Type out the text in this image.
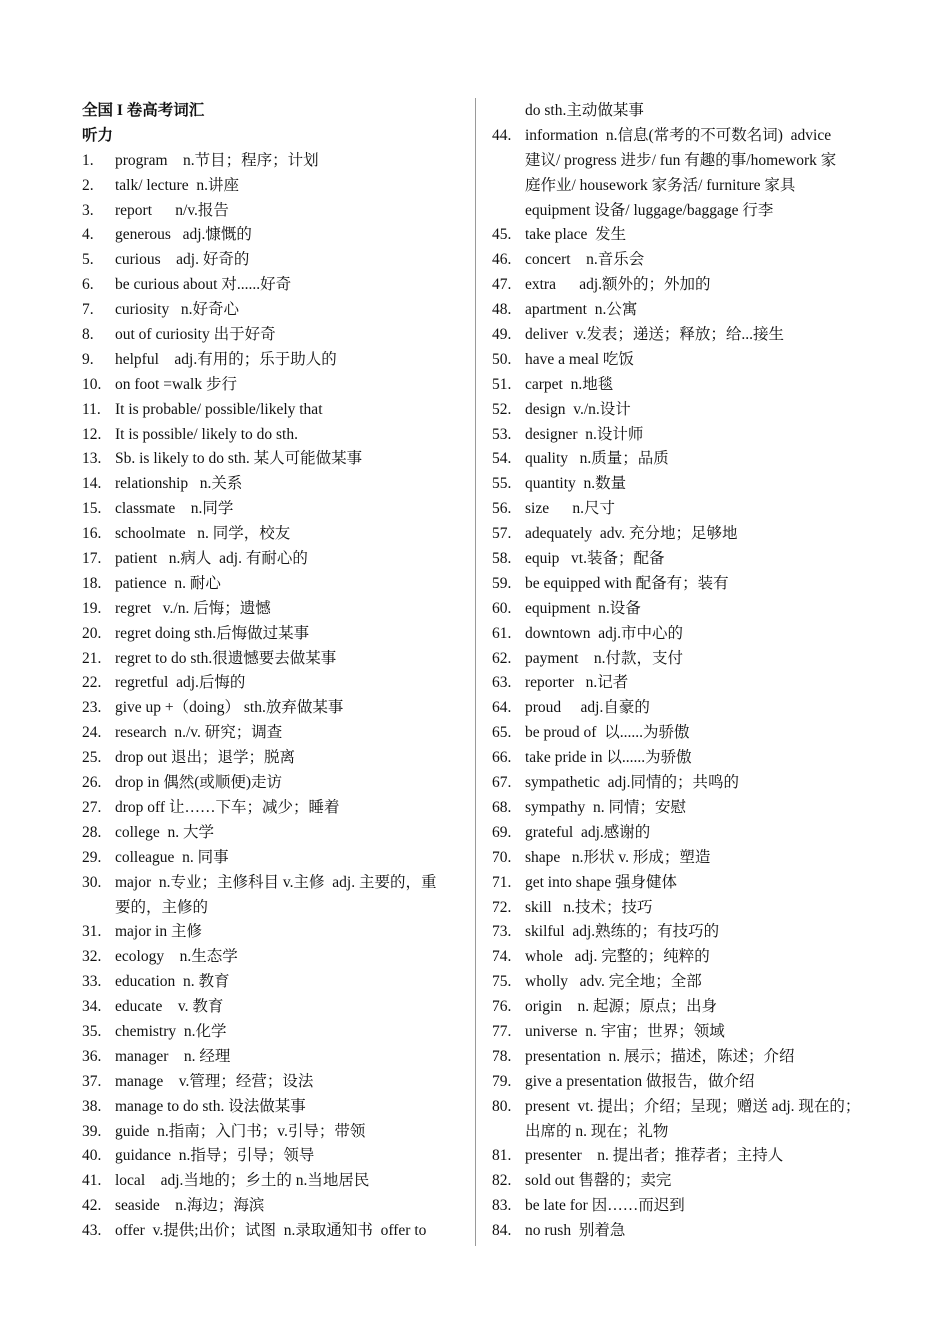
全国 I 卷高考词汇
听力
1.	program    n.节目；程序；计划
2.	talk/ lecture  n.讲座
3.	report      n/v.报告
4.	generous   adj.慷慨的
5.	curious    adj. 好奇的
6.	be curious about 对......好奇
7.	curiosity   n.好奇心
8.	out of curiosity 出于好奇
9.	helpful    adj.有用的；乐于助人的
10. on foot =walk 步行
11. It is probable/ possible/likely that
12. It is possible/ likely to do sth.
13. Sb. is likely to do sth. 某人可能做某事
14. relationship   n.关系
15. classmate    n.同学
16. schoolmate   n. 同学，校友
17. patient   n.病人  adj. 有耐心的
18. patience  n. 耐心
19. regret   v./n. 后悔；遗憾
20. regret doing sth.后悔做过某事
21. regret to do sth.很遗憾要去做某事
22. regretful  adj.后悔的
23. give up +（doing） sth.放弃做某事
24. research  n./v. 研究；调查
25. drop out 退出；退学；脱离
26. drop in 偶然(或顺便)走访
27. drop off 让……下车；减少；睡着
28. college  n. 大学
29. colleague  n. 同事
30. major  n.专业；主修科目 v.主修  adj. 主要的，重
要的，主修的
31. major in 主修
32. ecology    n.生态学
33. education  n. 教育
34. educate    v. 教育
35. chemistry  n.化学
36. manager    n. 经理
37. manage    v.管理；经营；设法
38. manage to do sth. 设法做某事
39. guide  n.指南；入门书；v.引导；带领
40. guidance  n.指导；引导；领导
41. local    adj.当地的；乡土的 n.当地居民
42. seaside    n.海边；海滨
43. offer  v.提供;出价；试图  n.录取通知书  offer to
do sth.主动做某事
44. information  n.信息(常考的不可数名词)  advice
建议/ progress 进步/ fun 有趣的事/homework 家
庭作业/ housework 家务活/ furniture 家具
equipment 设备/ luggage/baggage 行李
45. take place  发生
46. concert    n.音乐会
47. extra      adj.额外的；外加的
48. apartment  n.公寓
49. deliver  v.发表；递送；释放；给...接生
50. have a meal 吃饭
51. carpet  n.地毯
52. design  v./n.设计
53. designer  n.设计师
54. quality   n.质量；品质
55. quantity  n.数量
56. size      n.尺寸
57. adequately  adv. 充分地；足够地
58. equip   vt.装备；配备
59. be equipped with 配备有；装有
60. equipment  n.设备
61. downtown  adj.市中心的
62. payment    n.付款，支付
63. reporter   n.记者
64. proud     adj.自豪的
65. be proud of  以......为骄傲
66. take pride in 以......为骄傲
67. sympathetic  adj.同情的；共鸣的
68. sympathy  n. 同情；安慰
69. grateful  adj.感谢的
70. shape   n.形状 v. 形成；塑造
71. get into shape 强身健体
72. skill   n.技术；技巧
73. skilful  adj.熟练的；有技巧的
74. whole   adj. 完整的；纯粹的
75. wholly   adv. 完全地；全部
76. origin    n. 起源；原点；出身
77. universe  n. 宇宙；世界；领域
78. presentation  n. 展示；描述，陈述；介绍
79. give a presentation 做报告，做介绍
80. present  vt. 提出；介绍；呈现；赠送 adj. 现在的；
出席的 n. 现在；礼物
81. presenter    n. 提出者；推荐者；主持人
82. sold out 售罄的；卖完
83. be late for 因……而迟到
84. no rush  别着急
